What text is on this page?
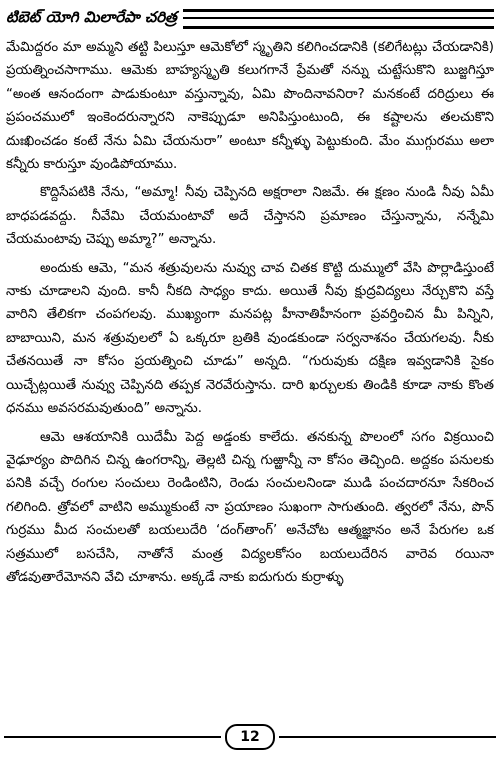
టిబెట్ యోగి మిలారేపా చరిత్ర

మేమిద్దరం మా అమ్మని తట్టి పిలుస్తూ ఆమెకోలో స్మృతిని కలిగించడానికి (కలిగేటట్లు చేయడానికి) ప్రయత్నించసాగాము. ఆమెకు బాహ్యస్మృతి కలుగగానే ప్రేమతో నన్ను చుట్టేసుకొని బుజ్జగిస్తూ “అంత ఆనందంగా పాడుకుంటూ వస్తున్నావు, ఏమి పొందినావనిరా? మనకంటే దరిద్రులు ఈ ప్రపంచములో ఇంకెందరున్నారని నాకెప్పుడూ అనిపిస్తుంటుంది, ఈ కష్టాలను తలచుకొని దుఃఖించడం కంటే నేను ఏమి చేయనురా” అంటూ కన్నీళ్ళు పెట్టుకుంది. మేం ముగ్గురము అలా కన్నీరు కారుస్తూ వుండిపోయాము.

కొద్దిసేపటికి నేను, “అమ్మా! నీవు చెప్పినది అక్షరాలా నిజమే. ఈ క్షణం నుండి నీవు ఏమీ బాధపడవద్దు. నీవేమి చేయమంటావో అదే చేస్తానని ప్రమాణం చేస్తున్నాను, నన్నేమి చేయమంటావు చెప్పు అమ్మా?” అన్నాను.

అందుకు ఆమె, “మన శత్రువులను నువ్వు చావ చితక కొట్టి దుమ్ములో వేసి పొర్లాడిస్తుంటే నాకు చూడాలని వుంది. కానీ నీకది సాధ్యం కాదు. అయితే నీవు క్షుద్రవిద్యలు నేర్చుకొని వస్తే వారిని తేలికగా చంపగలవు. ముఖ్యంగా మనపట్ల హీనాతిహీనంగా ప్రవర్తించిన మీ పిన్నిని, బాబాయిని, మన శత్రువులలో ఏ ఒక్కరూ బ్రతికి వుండకుండా సర్వనాశనం చేయగలవు. నీకు చేతనయితే నా కోసం ప్రయత్నించి చూడు” అన్నది. “గురువుకు దక్షిణ ఇవ్వడానికి సైకం యిచ్చేట్లయితే నువ్వు చెప్పినది తప్పక నెరవేరుస్తాను. దారి ఖర్చులకు తిండికి కూడా నాకు కొంత ధనము అవసరమవుతుంది” అన్నాను.

ఆమె ఆశయానికి యిదేమీ పెద్ద అడ్డంకు కాలేదు. తనకున్న పొలంలో సగం విక్రయించి వైఢూర్యం పొదిగిన చిన్న ఉంగరాన్ని, తెల్లటి చిన్న గుఱ్ఱాన్నీ నా కోసం తెచ్చింది. అద్దకం పనులకు పనికి వచ్చే రంగుల సంచులు రెండింటిని, రెండు సంచులనిండా ముడి పంచదారనూ సేకరించ గలిగింది. త్రోవలో వాటిని అమ్ముకుంటే నా ప్రయాణం సుఖంగా సాగుతుంది. త్వరలో నేను, పొన్ గుర్రము మీద సంచులతో బయలుదేరి ‘దంగ్‌తాంగ్’ అనేచోట ఆత్మజ్ఞానం అనే పేరుగల ఒక సత్రములో బసచేసి, నాతోనే మంత్ర విద్యలకోసం బయలుదేరిన వారెవ రయినా తోడవుతారేమోనని వేచి చూశాను. అక్కడే నాకు ఐదుగురు కుర్రాళ్ళు

12
